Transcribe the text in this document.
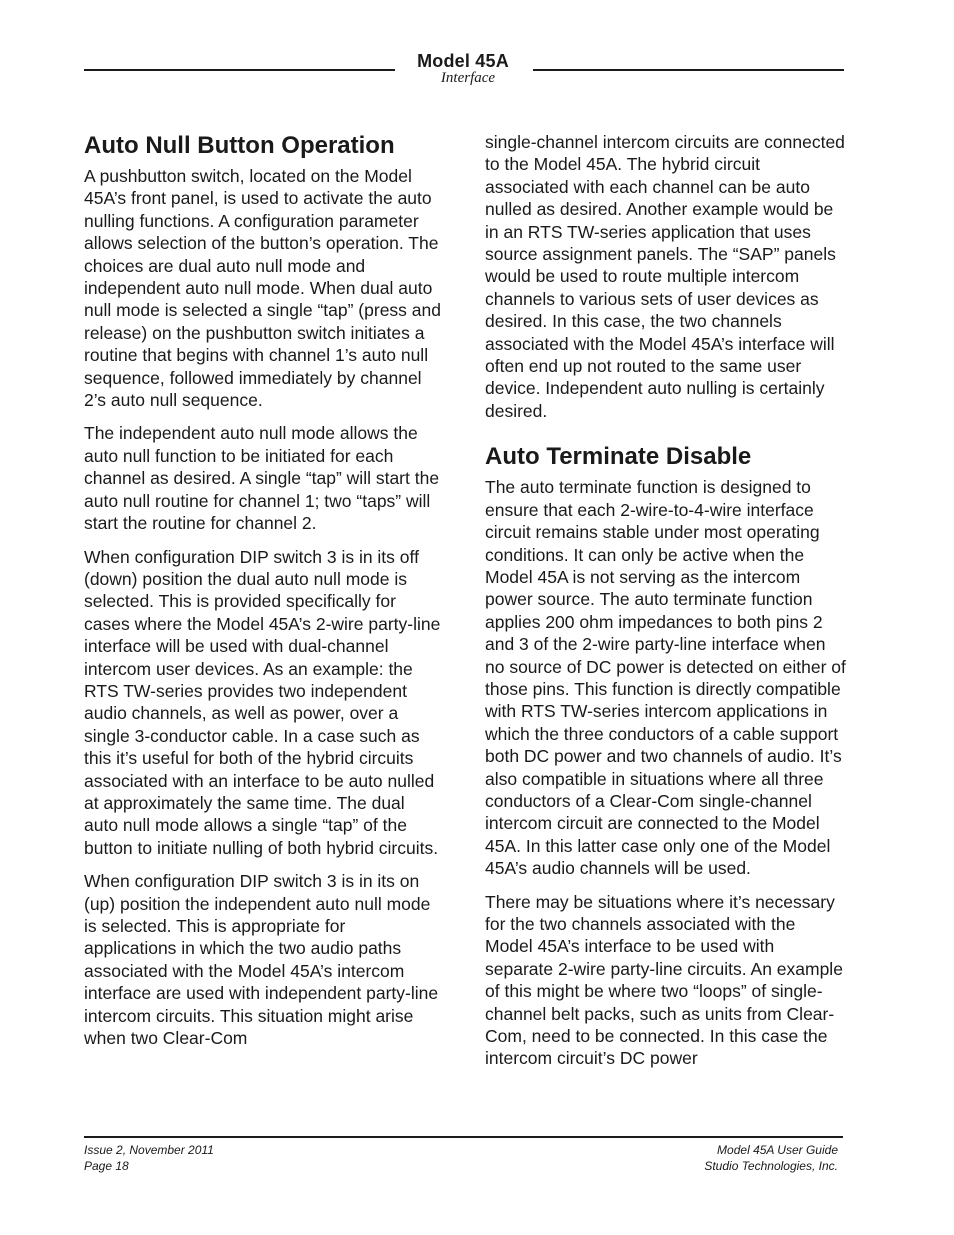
Model 45A
Interface
Auto Null Button Operation

A pushbutton switch, located on the Model 45A’s front panel, is used to activate the auto nulling functions. A configuration parameter allows selection of the button’s operation. The choices are dual auto null mode and independent auto null mode. When dual auto null mode is selected a single “tap” (press and release) on the pushbutton switch initiates a routine that begins with channel 1’s auto null sequence, followed immediately by channel 2’s auto null sequence.

The independent auto null mode allows the auto null function to be initiated for each channel as desired. A single “tap” will start the auto null routine for channel 1; two “taps” will start the routine for channel 2.

When configuration DIP switch 3 is in its off (down) position the dual auto null mode is selected. This is provided specifically for cases where the Model 45A’s 2-wire party-line interface will be used with dual-channel intercom user devices. As an example: the RTS TW-series provides two independent audio channels, as well as power, over a single 3-conductor cable. In a case such as this it’s useful for both of the hybrid circuits associated with an interface to be auto nulled at approximately the same time. The dual auto null mode allows a single “tap” of the button to initiate nulling of both hybrid circuits.

When configuration DIP switch 3 is in its on (up) position the independent auto null mode is selected. This is appropriate for applications in which the two audio paths associated with the Model 45A’s intercom interface are used with independent party-line intercom circuits. This situation might arise when two Clear-Com

single-channel intercom circuits are connected to the Model 45A. The hybrid circuit associated with each channel can be auto nulled as desired. Another example would be in an RTS TW-series application that uses source assignment panels. The “SAP” panels would be used to route multiple intercom channels to various sets of user devices as desired. In this case, the two channels associated with the Model 45A’s interface will often end up not routed to the same user device. Independent auto nulling is certainly desired.

Auto Terminate Disable

The auto terminate function is designed to ensure that each 2-wire-to-4-wire interface circuit remains stable under most operating conditions. It can only be active when the Model 45A is not serving as the intercom power source. The auto terminate function applies 200 ohm impedances to both pins 2 and 3 of the 2-wire party-line interface when no source of DC power is detected on either of those pins. This function is directly compatible with RTS TW-series intercom applications in which the three conductors of a cable support both DC power and two channels of audio. It’s also compatible in situations where all three conductors of a Clear-Com single-channel intercom circuit are connected to the Model 45A. In this latter case only one of the Model 45A’s audio channels will be used.

There may be situations where it’s necessary for the two channels associated with the Model 45A’s interface to be used with separate 2-wire party-line circuits. An example of this might be where two “loops” of single-channel belt packs, such as units from Clear-Com, need to be connected. In this case the intercom circuit’s DC power

Issue 2, November 2011
Page 18
Model 45A User Guide
Studio Technologies, Inc.
